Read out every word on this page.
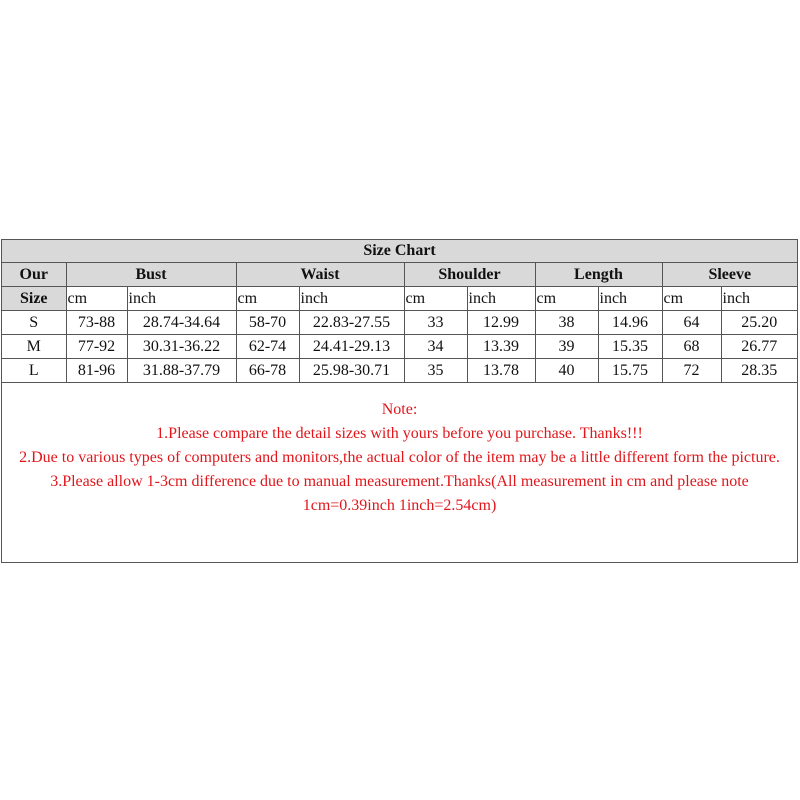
Size Chart										
Our	Bust		Waist		Shoulder		Length		Sleeve	
Size	cm	inch	cm	inch	cm	inch	cm	inch	cm	inch
S	73-88	28.74-34.64	58-70	22.83-27.55	33	12.99	38	14.96	64	25.20
M	77-92	30.31-36.22	62-74	24.41-29.13	34	13.39	39	15.35	68	26.77
L	81-96	31.88-37.79	66-78	25.98-30.71	35	13.78	40	15.75	72	28.35

Note:

1.Please compare the detail sizes with yours before you purchase. Thanks!!!

2.Due to various types of computers and monitors,the actual color of the item may be a little different form the picture.

3.Please allow 1-3cm difference due to manual measurement.Thanks(All measurement in cm and please note 1cm=0.39inch 1inch=2.54cm)
